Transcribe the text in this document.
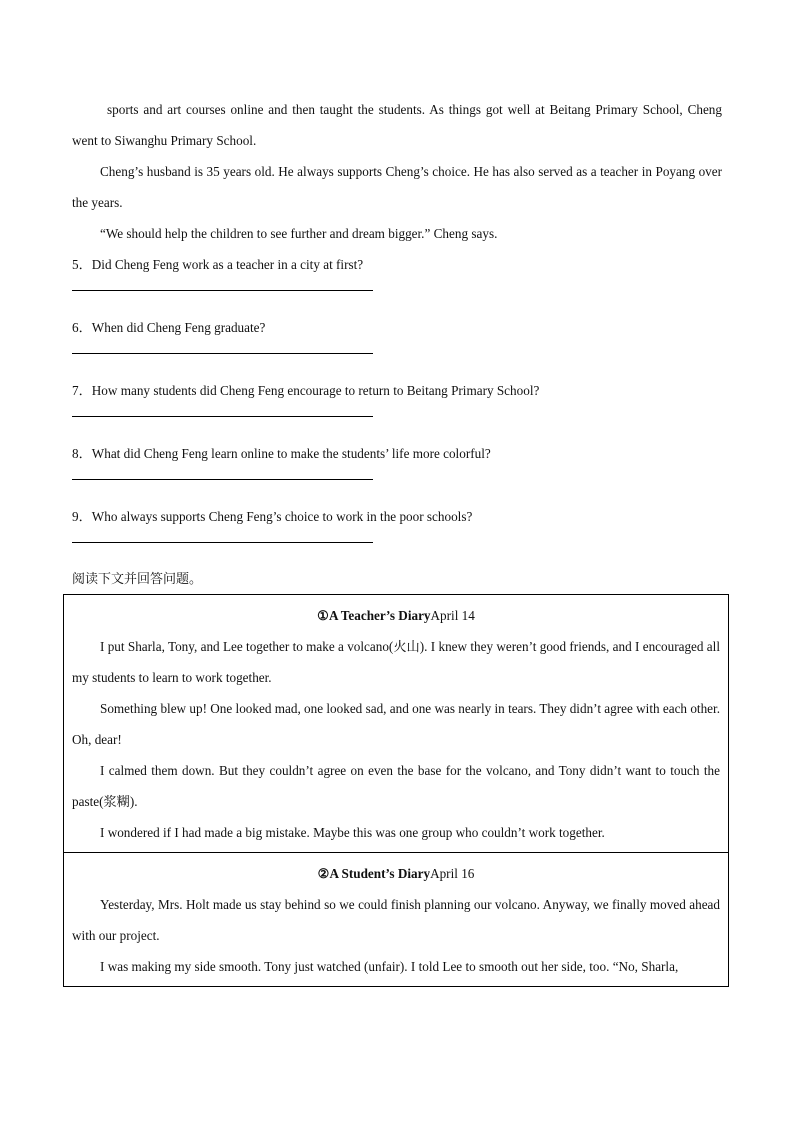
sports and art courses online and then taught the students. As things got well at Beitang Primary School, Cheng went to Siwanghu Primary School.

Cheng’s husband is 35 years old. He always supports Cheng’s choice. He has also served as a teacher in Poyang over the years.

“We should help the children to see further and dream bigger.” Cheng says.

5．Did Cheng Feng work as a teacher in a city at first?
6．When did Cheng Feng graduate?
7．How many students did Cheng Feng encourage to return to Beitang Primary School?
8．What did Cheng Feng learn online to make the students’ life more colorful?
9．Who always supports Cheng Feng’s choice to work in the poor schools?
阅读下文并回答问题。
①A Teacher’s DiaryApril 14

I put Sharla, Tony, and Lee together to make a volcano(火山). I knew they weren’t good friends, and I encouraged all my students to learn to work together.

Something blew up! One looked mad, one looked sad, and one was nearly in tears. They didn’t agree with each other. Oh, dear!

I calmed them down. But they couldn’t agree on even the base for the volcano, and Tony didn’t want to touch the paste(浆糊).

I wondered if I had made a big mistake. Maybe this was one group who couldn’t work together.

②A Student’s DiaryApril 16

Yesterday, Mrs. Holt made us stay behind so we could finish planning our volcano. Anyway, we finally moved ahead with our project.

I was making my side smooth. Tony just watched (unfair). I told Lee to smooth out her side, too. “No, Sharla,
